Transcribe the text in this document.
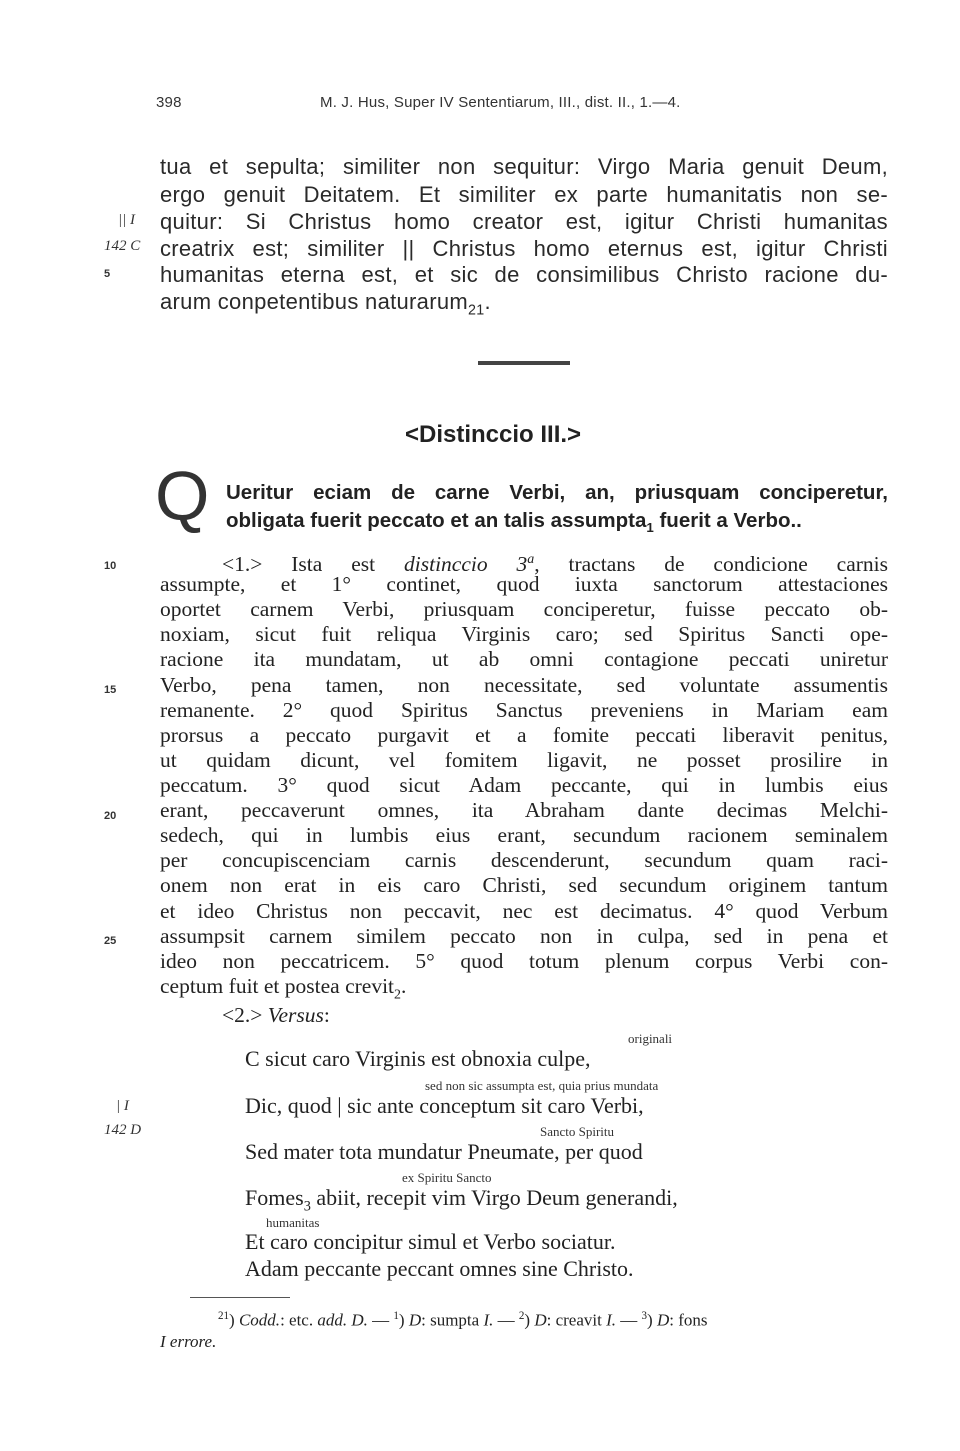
398	M. J. Hus, Super IV Sententiarum, III., dist. II., 1.—4.
|| I
142 C
5
10
15
20
25
| I
142 D
tua et sepulta; similiter non sequitur: Virgo Maria genuit Deum,
ergo genuit Deitatem. Et similiter ex parte humanitatis non se-
quitur: Si Christus homo creator est, igitur Christi humanitas
creatrix est; similiter || Christus homo eternus est, igitur Christi
humanitas eterna est, et sic de consimilibus Christo racione du-
arum conpetentibus naturarum$_{21}$.
<Distinccio III.>
Q Ueritur eciam de carne Verbi, an, priusquam conciperetur,
obligata fuerit peccato et an talis assumpta$_1$ fuerit a Verbo..
<1.> Ista est distinccio 3$^a$, tractans de condicione carnis
assumpte, et 1° continet, quod iuxta sanctorum attestaciones
oportet carnem Verbi, priusquam conciperetur, fuisse peccato ob-
noxiam, sicut fuit reliqua Virginis caro; sed Spiritus Sancti ope-
racione ita mundatam, ut ab omni contagione peccati uniretur
Verbo, pena tamen, non necessitate, sed voluntate assumentis
remanente. 2° quod Spiritus Sanctus preveniens in Mariam eam
prorsus a peccato purgavit et a fomite peccati liberavit penitus,
ut quidam dicunt, vel fomitem ligavit, ne posset prosilire in
peccatum. 3° quod sicut Adam peccante, qui in lumbis eius
erant, peccaverunt omnes, ita Abraham dante decimas Melchi-
sedech, qui in lumbis eius erant, secundum racionem seminalem
per concupiscenciam carnis descenderunt, secundum quam raci-
onem non erat in eis caro Christi, sed secundum originem tantum
et ideo Christus non peccavit, nec est decimatus. 4° quod Verbum
assumpsit carnem similem peccato non in culpa, sed in pena et
ideo non peccatricem. 5° quod totum plenum corpus Verbi con-
ceptum fuit et postea crevit$_2$.
<2.> Versus:
originali
C sicut caro Virginis est obnoxia culpe,
sed non sic assumpta est, quia prius mundata
Dic, quod | sic ante conceptum sit caro Verbi,
Sancto Spiritu
Sed mater tota mundatur Pneumate, per quod
ex Spiritu Sancto
Fomes$_3$ abiit, recepit vim Virgo Deum generandi,
humanitas
Et caro concipitur simul et Verbo sociatur.
Adam peccante peccant omnes sine Christo.
$^{21}$) Codd.: etc. add. D. — $^1$) D: sumpta I. — $^2$) D: creavit I. — $^3$) D: fons
I errore.
